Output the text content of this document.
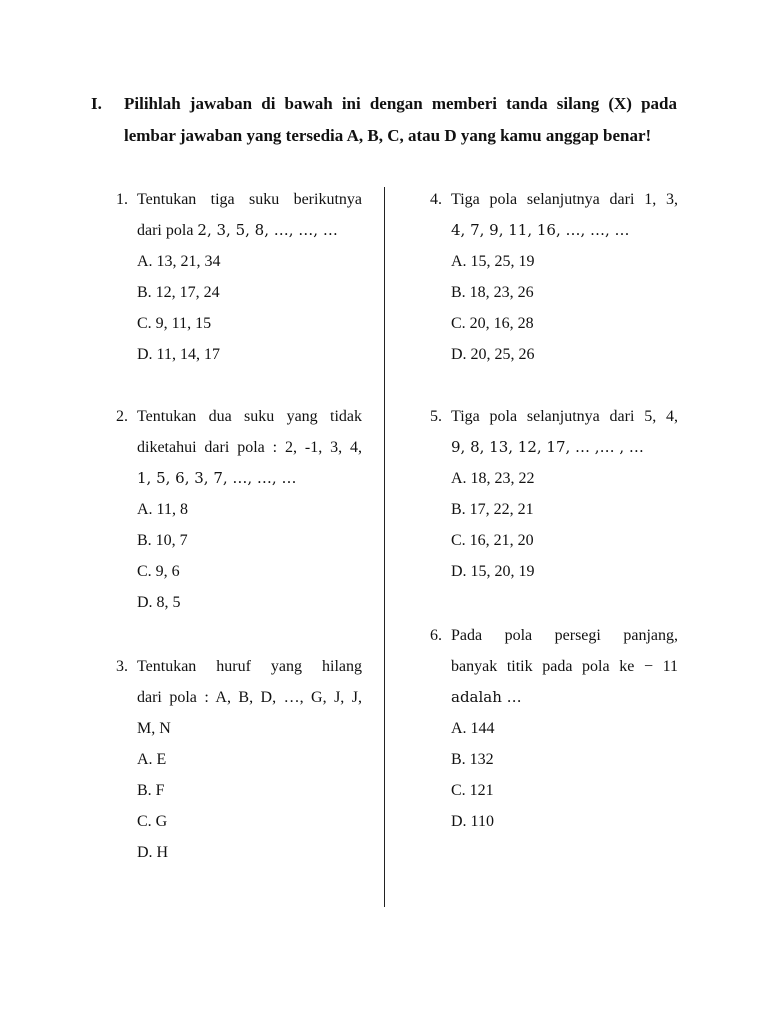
I. Pilihlah jawaban di bawah ini dengan memberi tanda silang (X) pada
lembar jawaban yang tersedia A, B, C, atau D yang kamu anggap benar!
1. Tentukan tiga suku berikutnya
dari pola 2, 3, 5, 8, …, …, …
A. 13, 21, 34
B. 12, 17, 24
C. 9, 11, 15
D. 11, 14, 17
2. Tentukan dua suku yang tidak
diketahui dari pola : 2, -1, 3, 4,
1, 5, 6, 3, 7, …, …, …
A. 11, 8
B. 10, 7
C. 9, 6
D. 8, 5
3. Tentukan huruf yang hilang
dari pola : A, B, D, …, G, J, J,
M, N
A. E
B. F
C. G
D. H
4. Tiga pola selanjutnya dari 1, 3,
4, 7, 9, 11, 16, …, …, …
A. 15, 25, 19
B. 18, 23, 26
C. 20, 16, 28
D. 20, 25, 26
5. Tiga pola selanjutnya dari 5, 4,
9, 8, 13, 12, 17, … ,… , …
A. 18, 23, 22
B. 17, 22, 21
C. 16, 21, 20
D. 15, 20, 19
6. Pada pola persegi panjang,
banyak titik pada pola ke − 11
adalah …
A. 144
B. 132
C. 121
D. 110
